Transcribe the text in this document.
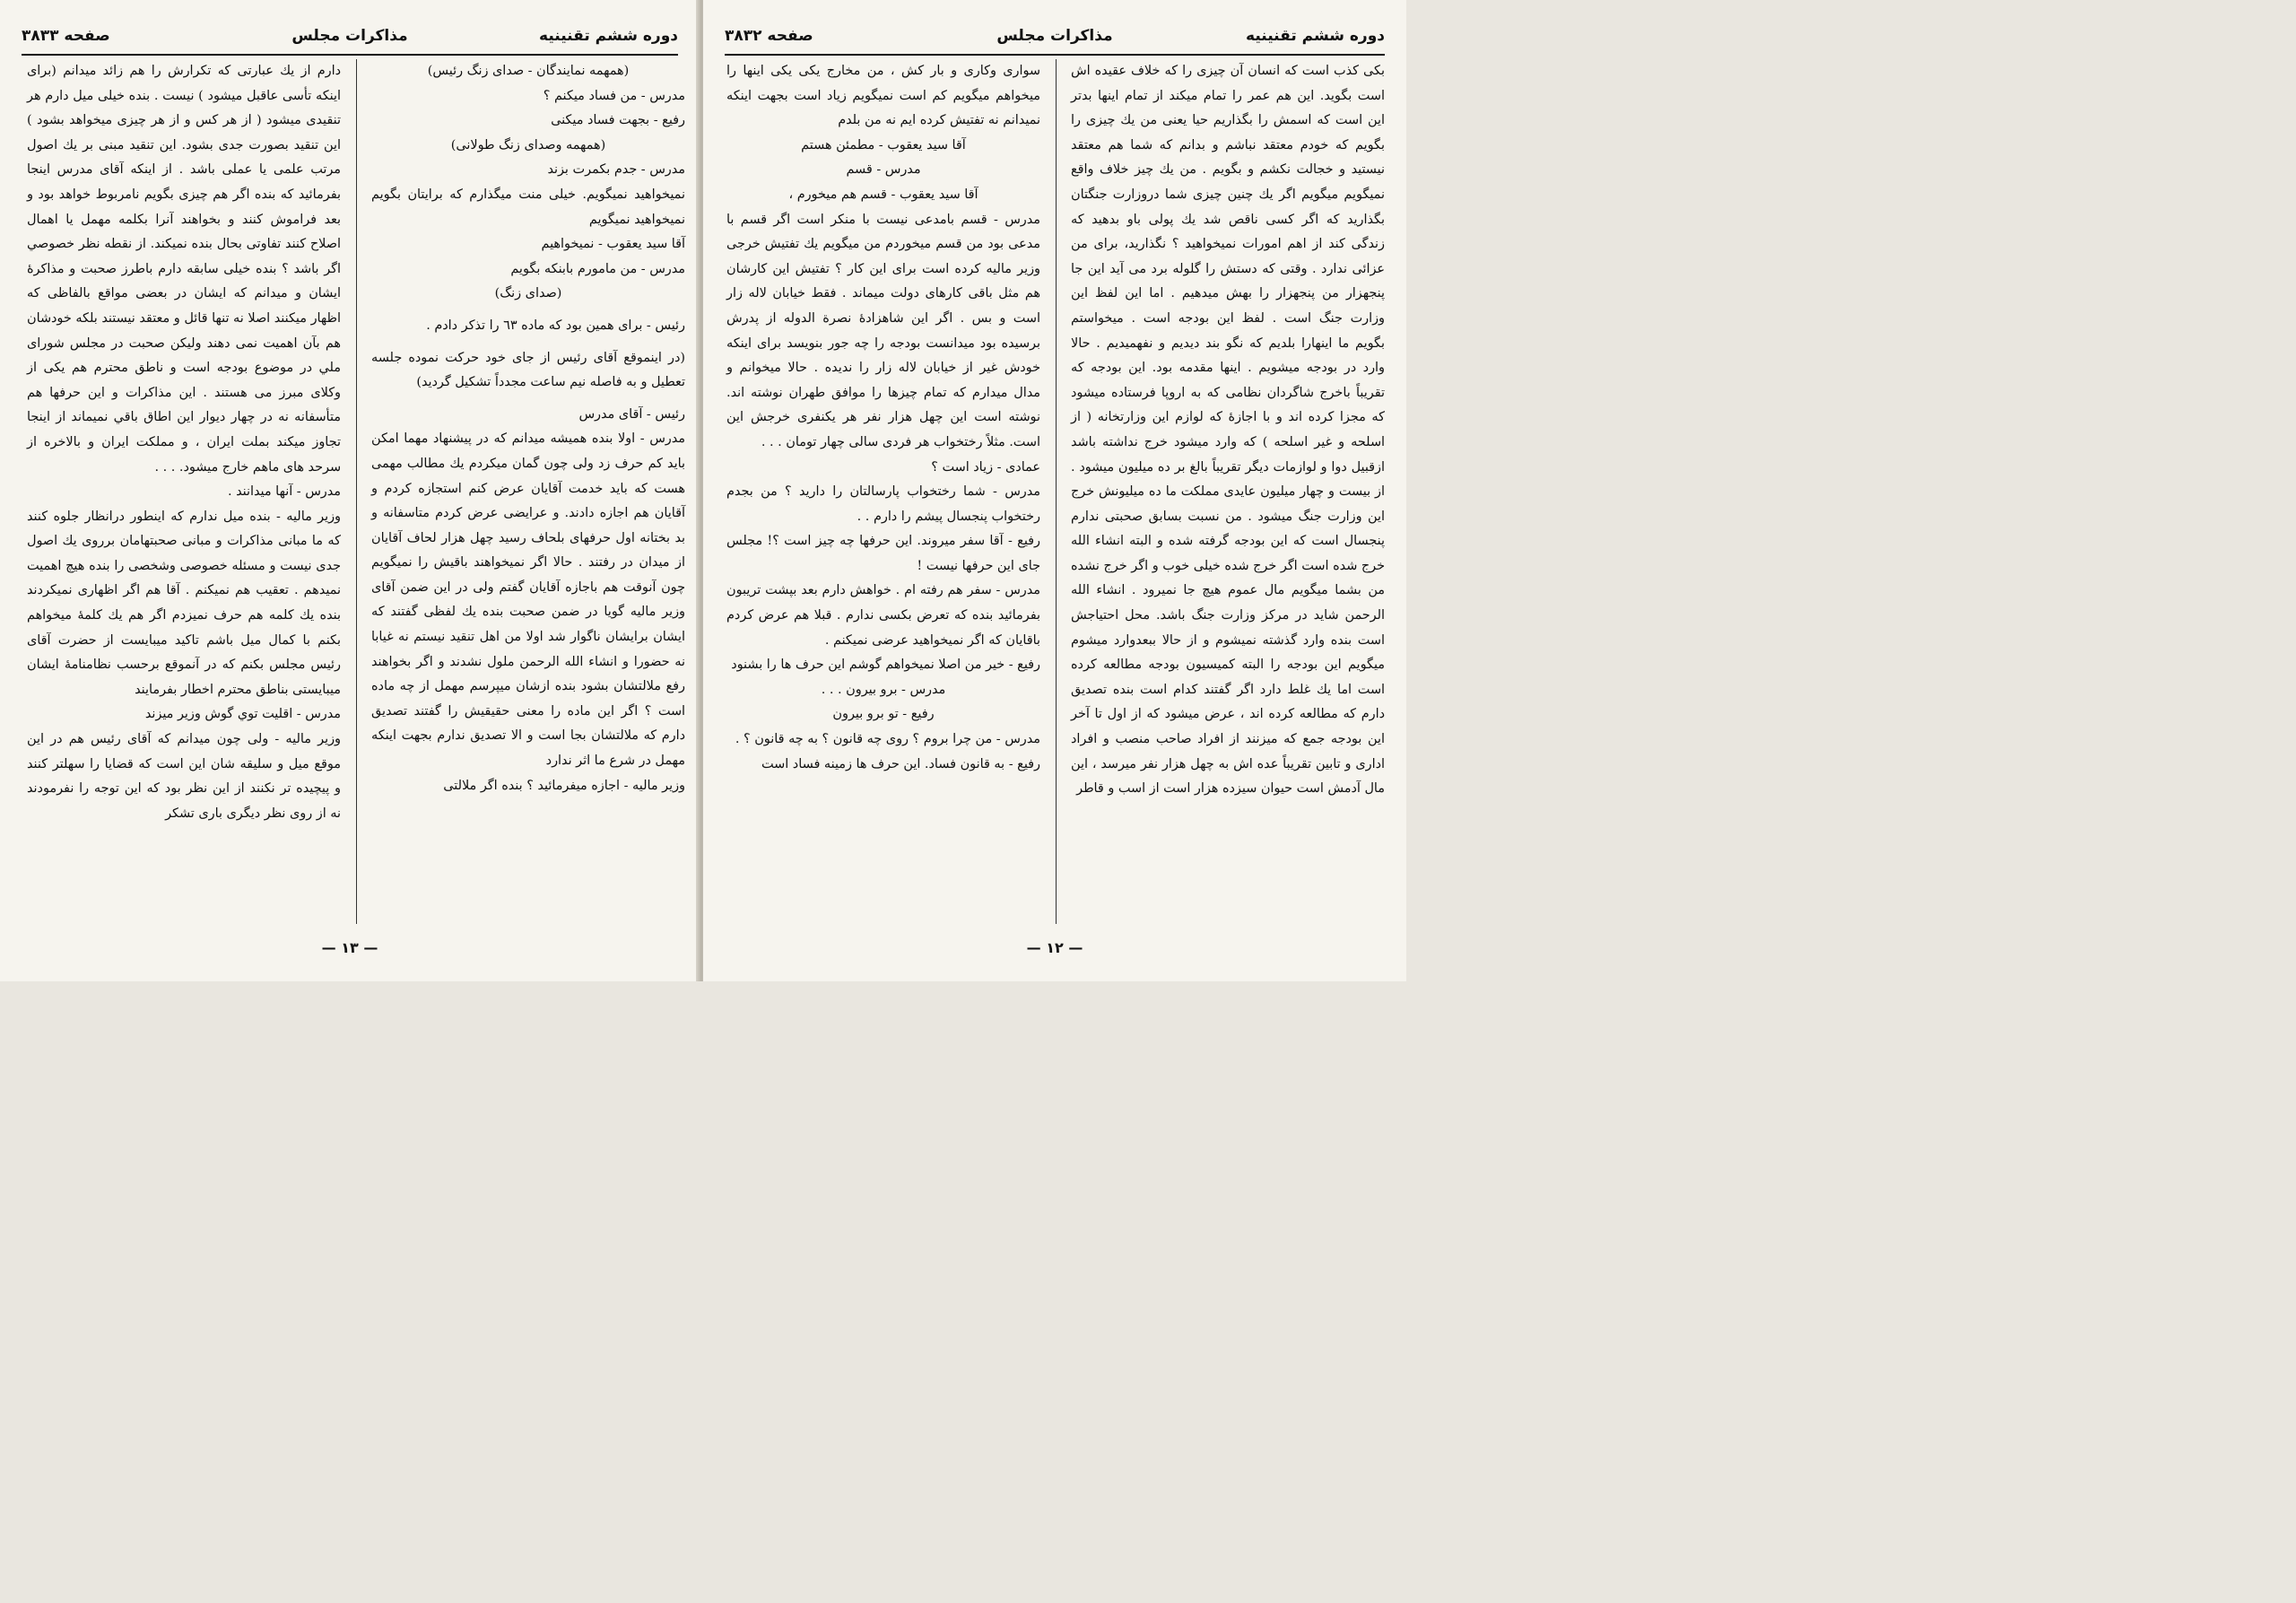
دوره ششم تقنينيه
مذاكرات مجلس
صفحه ٣٨٣٣

(همهمه نمايندگان - صداى زنگ رئيس)

مدرس - من فساد ميكنم ؟

رفيع - بجهت فساد ميكنى

(همهمه وصداى زنگ طولانى)

مدرس - جدم بكمرت بزند

نميخواهيد نميگويم. خيلى منت ميگذارم كه برايتان بگويم نميخواهيد نميگويم

آقا سيد يعقوب - نميخواهيم

مدرس - من مامورم بابنكه بگويم

(صداى زنگ)

رئيس - براى همين بود كه ماده ٦٣ را تذكر دادم .

(در اينموقع آقاى رئيس از جاى خود حركت نموده جلسه تعطيل و به فاصله نيم ساعت مجدداً تشكيل گرديد)

رئيس - آقاى مدرس

مدرس - اولا بنده هميشه ميدانم كه در پيشنهاد مهما امكن بايد كم حرف زد ولى چون گمان ميكردم يك مطالب مهمى هست كه بايد خدمت آقايان عرض كنم استجازه كردم و آقايان هم اجازه دادند. و عرايضى عرض كردم متاسفانه و بد بختانه اول حرفهاى بلحاف رسيد چهل هزار لحاف آقايان از ميدان در رفتند . حالا اگر نميخواهند باقيش را نميگويم چون آنوقت هم باجازه آقايان گفتم ولى در اين ضمن آقاى وزير ماليه گويا در ضمن صحبت بنده يك لفظى گفتند كه ايشان برايشان ناگوار شد اولا من اهل تنقيد نيستم نه غيابا نه حضورا و انشاء الله الرحمن ملول نشدند و اگر بخواهند رفع ملالتشان بشود بنده ازشان ميپرسم مهمل از چه ماده است ؟ اگر اين ماده را معنى حقيقيش را گفتند تصديق دارم كه ملالتشان بجا است و الا تصديق ندارم بجهت اينكه مهمل در شرع ما اثر ندارد

وزير ماليه - اجازه ميفرمائيد ؟ بنده اگر ملالتى

دارم از يك عبارتى كه تكرارش را هم زائد ميدانم (براى اينكه تأسى عاقبل ميشود ) نيست . بنده خيلى ميل دارم هر تنقيدى ميشود ( از هر كس و از هر چيزى ميخواهد بشود ) اين تنقيد بصورت جدى بشود. اين تنقيد مبنى بر يك اصول مرتب علمى يا عملى باشد . از اينكه آقاى مدرس اينجا بفرمائيد كه بنده اگر هم چيزى بگويم نامربوط خواهد بود و بعد فراموش كنند و بخواهند آنرا بكلمه مهمل يا اهمال اصلاح كنند تفاوتى بحال بنده نميكند. از نقطه نظر خصوصي اگر باشد ؟ بنده خيلى سابقه دارم باطرز صحبت و مذاكرۀ ايشان و ميدانم كه ايشان در بعضى مواقع بالفاظى كه اظهار ميكنند اصلا نه تنها قائل و معتقد نيستند بلكه خودشان هم بآن اهميت نمى دهند وليكن صحبت در مجلس شوراى ملي در موضوع بودجه است و ناطق محترم هم يكى از وكلاى مبرز مى هستند . اين مذاكرات و اين حرفها هم متأسفانه نه در چهار ديوار اين اطاق باقي نميماند از اينجا تجاوز ميكند بملت ايران ، و مملكت ايران و بالاخره از سرحد هاى ماهم خارج ميشود. . . .

مدرس - آنها ميدانند .

وزير ماليه - بنده ميل ندارم كه اينطور درانظار جلوه كنند كه ما مبانى مذاكرات و مبانى صحبتهامان برروى يك اصول جدى نيست و مسئله خصوصى وشخصى را بنده هيچ اهميت نميدهم . تعقيب هم نميكنم . آقا هم اگر اظهارى نميكردند بنده يك كلمه هم حرف نميزدم اگر هم يك كلمۀ ميخواهم بكنم با كمال ميل باشم تاكيد ميبايست از حضرت آقاى رئيس مجلس بكنم كه در آنموقع برحسب نظامنامۀ ايشان ميبايستى بناطق محترم اخطار بفرمايند

مدرس - اقليت توي گوش وزير ميزند

وزير ماليه - ولى چون ميدانم كه آقاى رئيس هم در اين موقع ميل و سليقه شان اين است كه قضايا را سهلتر كنند و پيچيده تر نكنند از اين نظر بود كه اين توجه را نفرمودند نه از روى نظر ديگرى بارى تشكر

— ١٣ —
دوره ششم تقنينيه
مذاكرات مجلس
صفحه ٣٨٣٢

بكى كذب است كه انسان آن چيزى را كه خلاف عقيده اش است بگويد. اين هم عمر را تمام ميكند از تمام اينها بدتر اين است كه اسمش را بگذاريم حيا يعنى من يك چيزى را بگويم كه خودم معتقد نباشم و بدانم كه شما هم معتقد نيستيد و خجالت نكشم و بگويم . من يك چيز خلاف واقع نميگويم ميگويم اگر يك چنين چيزى شما دروزارت جنگتان بگذاريد كه اگر كسى ناقص شد يك پولى باو بدهيد كه زندگى كند از اهم امورات نميخواهيد ؟ نگذاريد، براى من عزائى ندارد . وقتى كه دستش را گلوله برد مى آيد اين جا پنجهزار من پنجهزار را بهش ميدهيم . اما اين لفظ اين وزارت جنگ است . لفظ اين بودجه است . ميخواستم بگويم ما اينهارا بلديم كه نگو بند ديديم و نفهميديم . حالا وارد در بودجه ميشويم . اينها مقدمه بود. اين بودجه كه تقريباً باخرج شاگردان نظامى كه به اروپا فرستاده ميشود كه مجزا كرده اند و با اجازۀ كه لوازم اين وزارتخانه ( از اسلحه و غير اسلحه ) كه وارد ميشود خرج نداشته باشد ازقبيل دوا و لوازمات ديگر تقريباً بالغ بر ده ميليون ميشود . از بيست و چهار ميليون عايدى مملكت ما ده ميليونش خرج اين وزارت جنگ ميشود . من نسبت بسابق صحبتى ندارم پنجسال است كه اين بودجه گرفته شده و البته انشاء الله خرج شده است اگر خرج شده خيلى خوب و اگر خرج نشده من بشما ميگويم مال عموم هيچ جا نميرود . انشاء الله الرحمن شايد در مركز وزارت جنگ باشد. محل احتياجش است بنده وارد گذشته نميشوم و از حالا ببعدوارد ميشوم ميگويم اين بودجه را البته كميسيون بودجه مطالعه كرده است اما يك غلط دارد اگر گفتند كدام است بنده تصديق دارم كه مطالعه كرده اند ، عرض ميشود كه از اول تا آخر اين بودجه جمع كه ميزنند از افراد صاحب منصب و افراد ادارى و تابين تقريباً عده اش به چهل هزار نفر ميرسد ، اين مال آدمش است حيوان سيزده هزار است از اسب و قاطر

سوارى وكارى و بار كش ، من مخارج يكى يكى اينها را ميخواهم ميگويم كم است نميگويم زياد است بجهت اينكه نميدانم نه تفتيش كرده ايم نه من بلدم

آقا سيد يعقوب - مطمئن هستم

مدرس - قسم

آقا سيد يعقوب - قسم هم ميخورم ،

مدرس - قسم بامدعى نيست با منكر است اگر قسم با مدعى بود من قسم ميخوردم من ميگويم يك تفتيش خرجى وزير ماليه كرده است براى اين كار ؟ تفتيش اين كارشان هم مثل باقى كارهاى دولت ميماند . فقط خيابان لاله زار است و بس . اگر اين شاهزادۀ نصرة الدوله از پدرش برسيده بود ميدانست بودجه را چه جور بنويسد براى اينكه خودش غير از خيابان لاله زار را نديده . حالا ميخوانم و مدال ميدارم كه تمام چيزها را موافق طهران نوشته اند. نوشته است اين چهل هزار نفر هر يكنفرى خرجش اين است. مثلاً رختخواب هر فردى سالى چهار تومان . . .

عمادى - زياد است ؟

مدرس - شما رختخواب پارسالتان را داريد ؟ من بجدم رختخواب پنجسال پيشم را دارم . .

رفيع - آقا سفر ميروند. اين حرفها چه چيز است ؟! مجلس جاى اين حرفها نيست !

مدرس - سفر هم رفته ام . خواهش دارم بعد بپشت تريبون بفرمائيد بنده كه تعرض بكسى ندارم . قبلا هم عرض كردم باقايان كه اگر نميخواهيد عرضى نميكنم .

رفيع - خير من اصلا نميخواهم گوشم اين حرف ها را بشنود

مدرس - برو بيرون . . .

رفيع - تو برو بيرون

مدرس - من چرا بروم ؟ روى چه قانون ؟ به چه قانون ؟ .

رفيع - به قانون فساد. اين حرف ها زمينه فساد است

— ١٢ —
